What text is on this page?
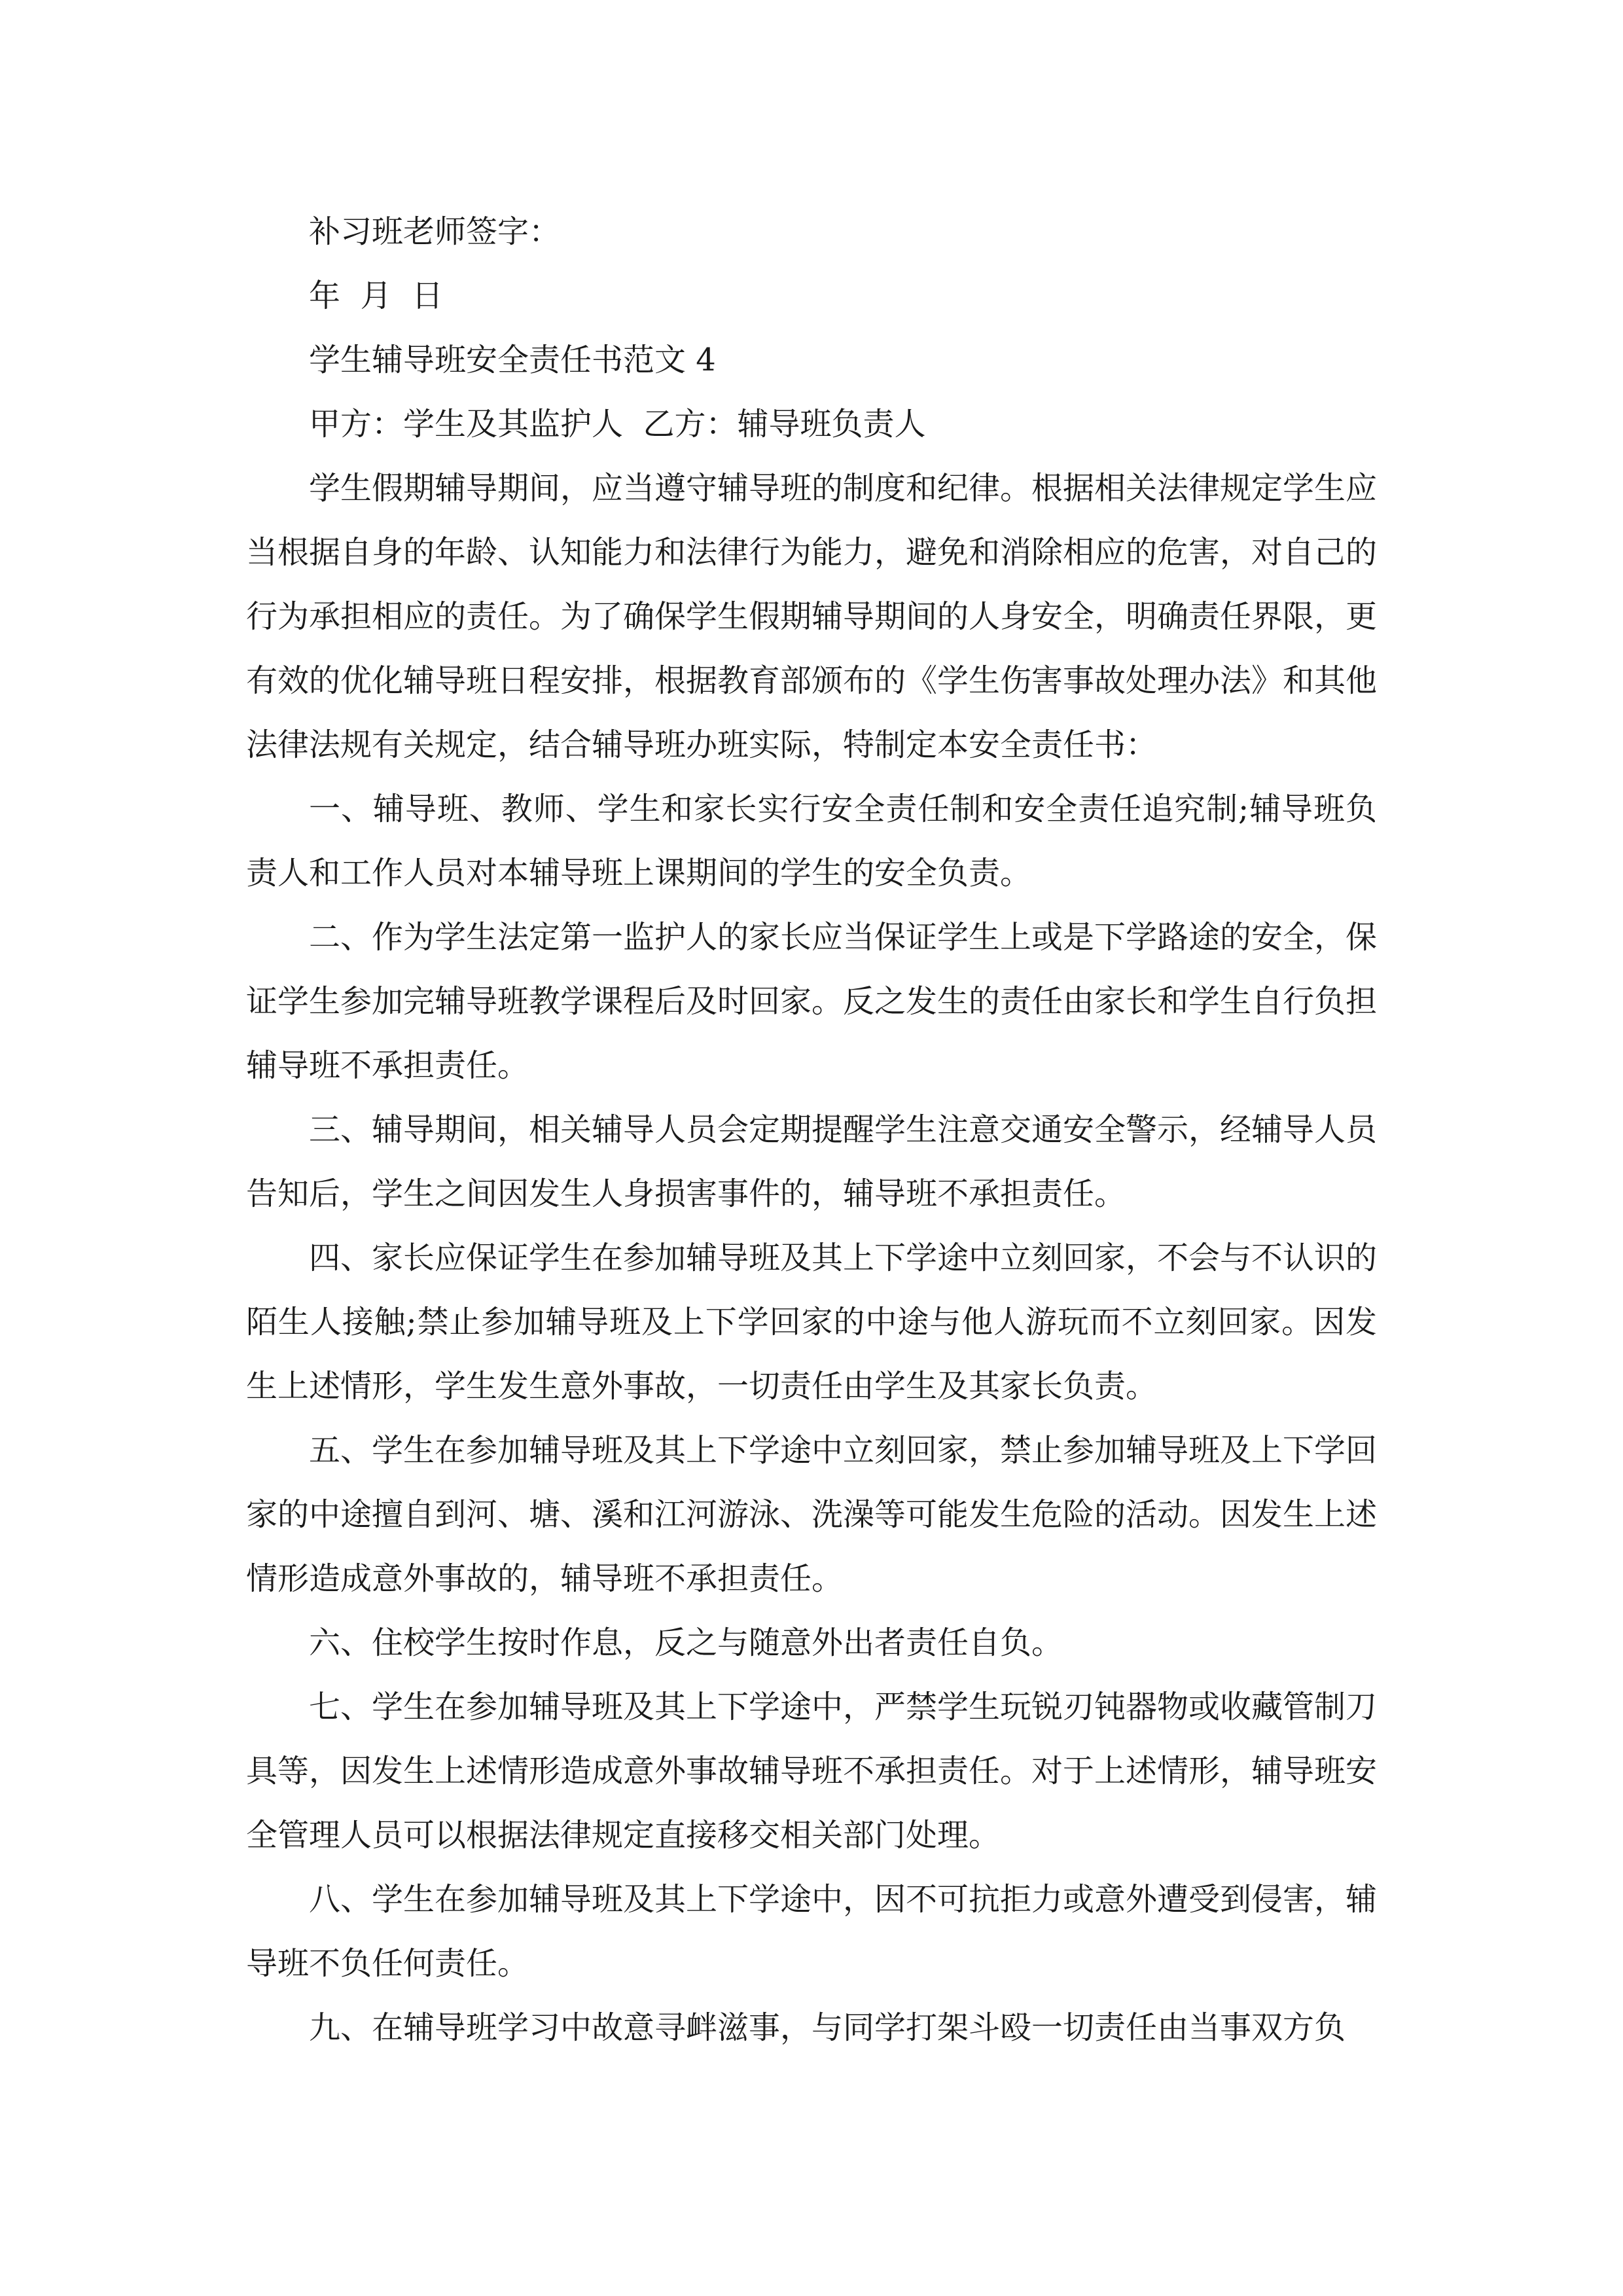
补习班老师签字：

年  月  日

学生辅导班安全责任书范文 4

甲方：学生及其监护人  乙方：辅导班负责人

学生假期辅导期间，应当遵守辅导班的制度和纪律。根据相关法律规定学生应当根据自身的年龄、认知能力和法律行为能力，避免和消除相应的危害，对自己的行为承担相应的责任。为了确保学生假期辅导期间的人身安全，明确责任界限，更有效的优化辅导班日程安排，根据教育部颁布的《学生伤害事故处理办法》和其他法律法规有关规定，结合辅导班办班实际，特制定本安全责任书：

一、辅导班、教师、学生和家长实行安全责任制和安全责任追究制;辅导班负责人和工作人员对本辅导班上课期间的学生的安全负责。

二、作为学生法定第一监护人的家长应当保证学生上或是下学路途的安全，保证学生参加完辅导班教学课程后及时回家。反之发生的责任由家长和学生自行负担辅导班不承担责任。

三、辅导期间，相关辅导人员会定期提醒学生注意交通安全警示，经辅导人员告知后，学生之间因发生人身损害事件的，辅导班不承担责任。

四、家长应保证学生在参加辅导班及其上下学途中立刻回家，不会与不认识的陌生人接触;禁止参加辅导班及上下学回家的中途与他人游玩而不立刻回家。因发生上述情形，学生发生意外事故，一切责任由学生及其家长负责。

五、学生在参加辅导班及其上下学途中立刻回家，禁止参加辅导班及上下学回家的中途擅自到河、塘、溪和江河游泳、洗澡等可能发生危险的活动。因发生上述情形造成意外事故的，辅导班不承担责任。

六、住校学生按时作息，反之与随意外出者责任自负。

七、学生在参加辅导班及其上下学途中，严禁学生玩锐刃钝器物或收藏管制刀具等，因发生上述情形造成意外事故辅导班不承担责任。对于上述情形，辅导班安全管理人员可以根据法律规定直接移交相关部门处理。

八、学生在参加辅导班及其上下学途中，因不可抗拒力或意外遭受到侵害，辅导班不负任何责任。

九、在辅导班学习中故意寻衅滋事，与同学打架斗殴一切责任由当事双方负
